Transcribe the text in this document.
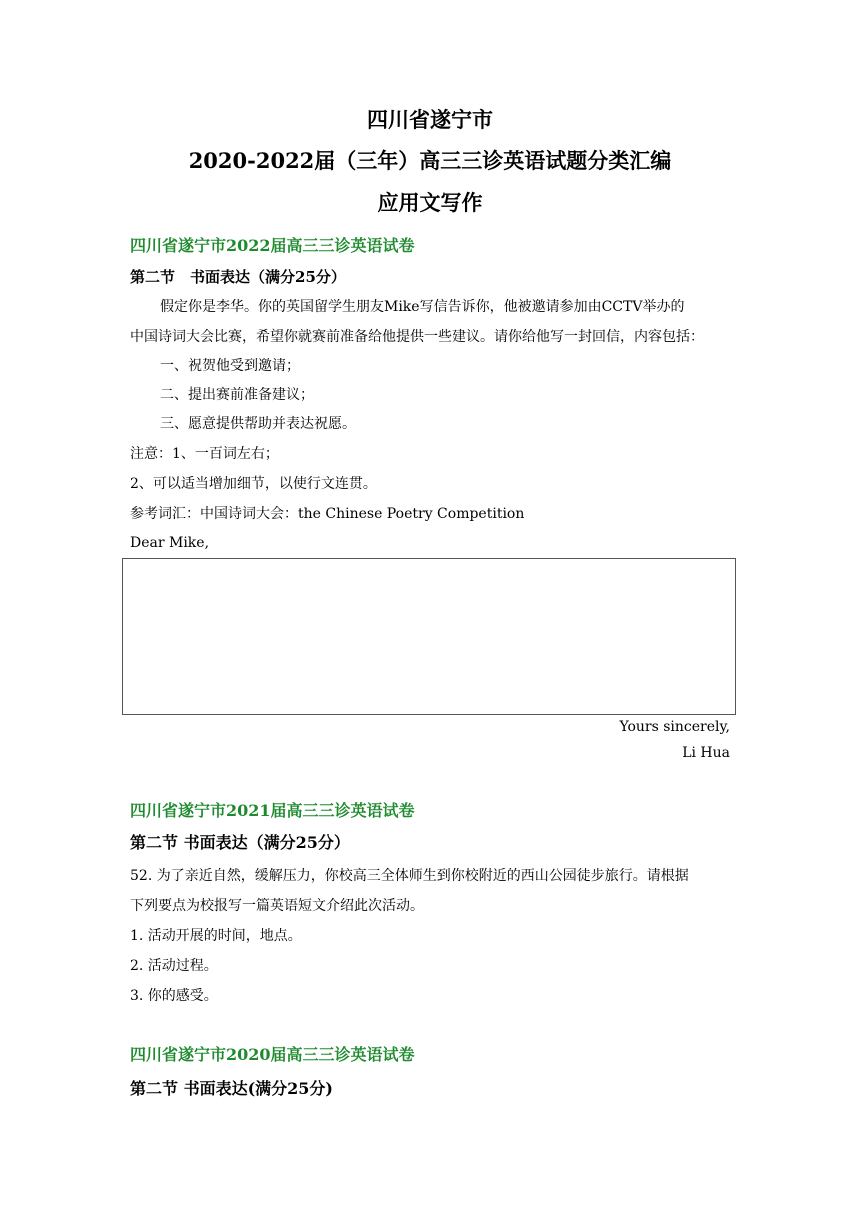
四川省遂宁市
2020-2022届（三年）高三三诊英语试题分类汇编
应用文写作
四川省遂宁市2022届高三三诊英语试卷
第二节　书面表达（满分25分）
假定你是李华。你的英国留学生朋友Mike写信告诉你，他被邀请参加由CCTV举办的
中国诗词大会比赛，希望你就赛前准备给他提供一些建议。请你给他写一封回信，内容包括：
一、祝贺他受到邀请；
二、提出赛前准备建议；
三、愿意提供帮助并表达祝愿。
注意：1、一百词左右；
2、可以适当增加细节，以使行文连贯。
参考词汇：中国诗词大会：the Chinese Poetry Competition
Dear Mike,
Yours sincerely,
Li Hua
四川省遂宁市2021届高三三诊英语试卷
第二节 书面表达（满分25分）
52. 为了亲近自然，缓解压力，你校高三全体师生到你校附近的西山公园徒步旅行。请根据
下列要点为校报写一篇英语短文介绍此次活动。
1. 活动开展的时间，地点。
2. 活动过程。
3. 你的感受。
四川省遂宁市2020届高三三诊英语试卷
第二节 书面表达(满分25分)
